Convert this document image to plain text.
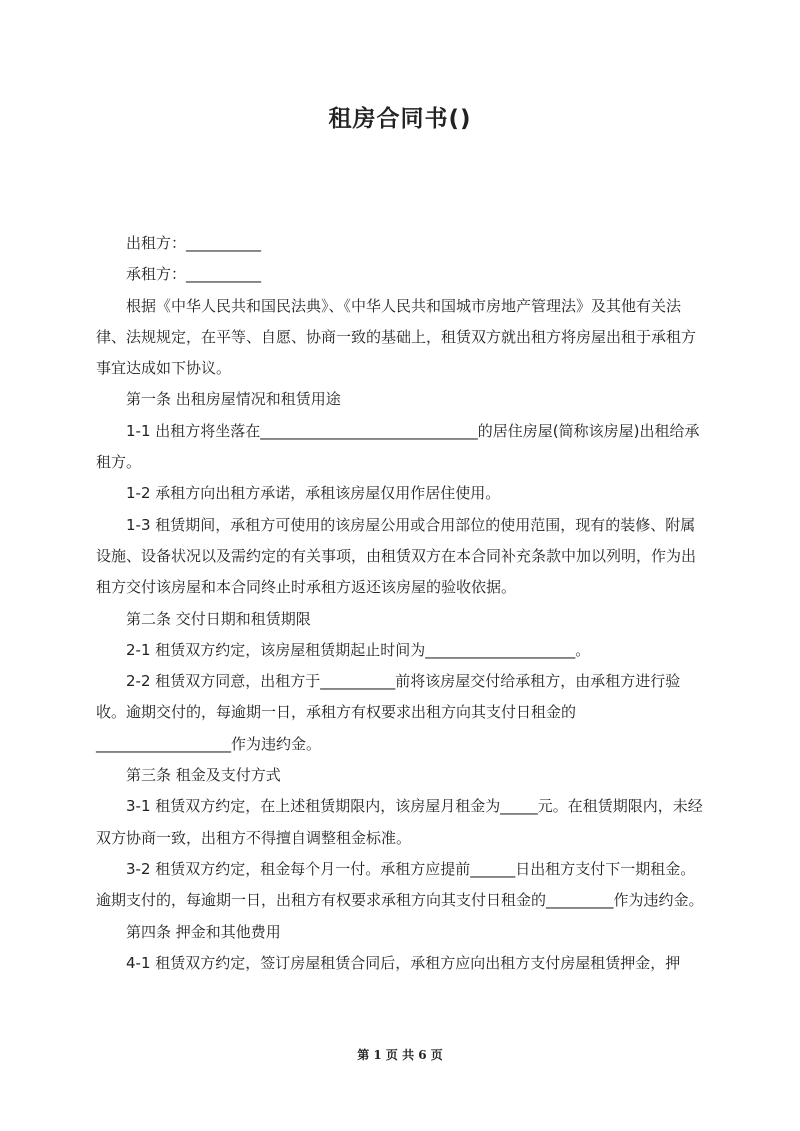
租房合同书()

出租方：__________

承租方：__________

根据《中华人民共和国民法典》、《中华人民共和国城市房地产管理法》及其他有关法律、法规规定，在平等、自愿、协商一致的基础上，租赁双方就出租方将房屋出租于承租方事宜达成如下协议。

第一条 出租房屋情况和租赁用途

1-1 出租方将坐落在_____________________________的居住房屋(简称该房屋)出租给承租方。

1-2 承租方向出租方承诺，承租该房屋仅用作居住使用。

1-3 租赁期间，承租方可使用的该房屋公用或合用部位的使用范围，现有的装修、附属设施、设备状况以及需约定的有关事项，由租赁双方在本合同补充条款中加以列明，作为出租方交付该房屋和本合同终止时承租方返还该房屋的验收依据。

第二条 交付日期和租赁期限

2-1 租赁双方约定，该房屋租赁期起止时间为____________________。

2-2 租赁双方同意，出租方于__________前将该房屋交付给承租方，由承租方进行验收。逾期交付的，每逾期一日，承租方有权要求出租方向其支付日租金的__________________作为违约金。

第三条 租金及支付方式

3-1 租赁双方约定，在上述租赁期限内，该房屋月租金为_____元。在租赁期限内，未经双方协商一致，出租方不得擅自调整租金标准。

3-2 租赁双方约定，租金每个月一付。承租方应提前______日出租方支付下一期租金。逾期支付的，每逾期一日，出租方有权要求承租方向其支付日租金的_________作为违约金。

第四条 押金和其他费用

4-1 租赁双方约定，签订房屋租赁合同后，承租方应向出租方支付房屋租赁押金，押

第 1 页 共 6 页
